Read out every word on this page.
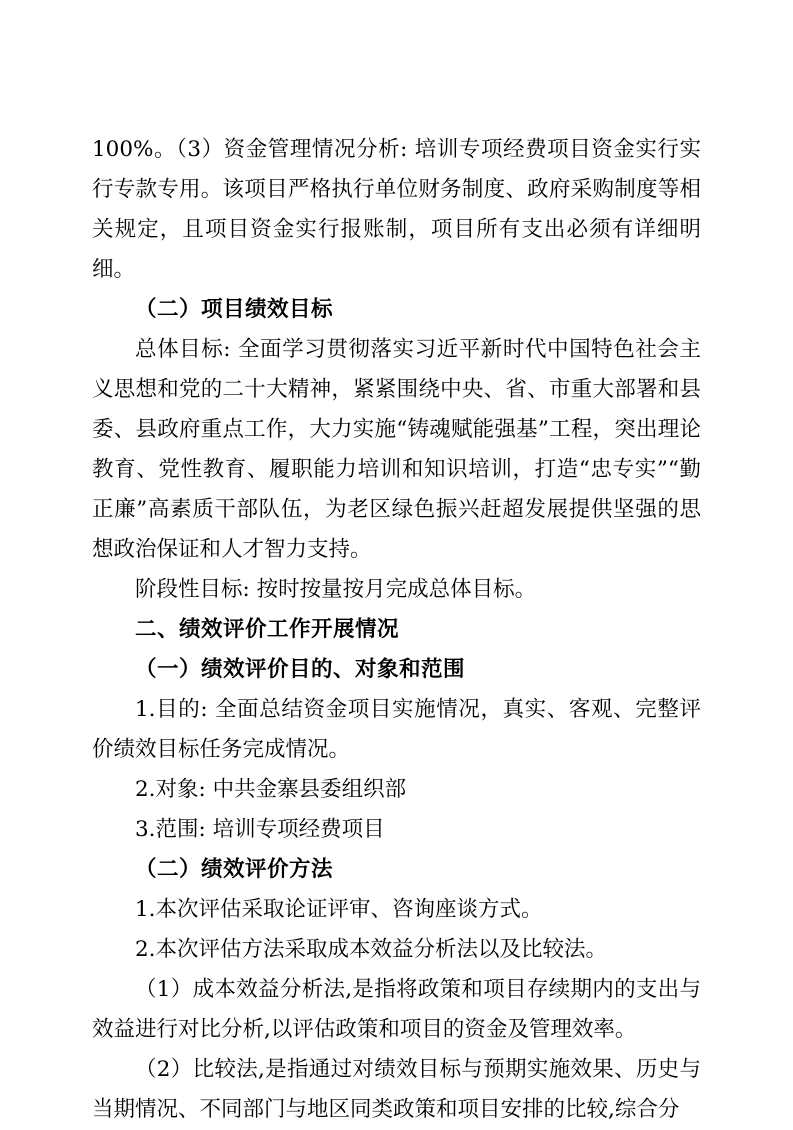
100%。（3）资金管理情况分析: 培训专项经费项目资金实行实行专款专用。该项目严格执行单位财务制度、政府采购制度等相关规定，且项目资金实行报账制，项目所有支出必须有详细明细。

（二）项目绩效目标

总体目标: 全面学习贯彻落实习近平新时代中国特色社会主义思想和党的二十大精神，紧紧围绕中央、省、市重大部署和县委、县政府重点工作，大力实施“铸魂赋能强基”工程，突出理论教育、党性教育、履职能力培训和知识培训，打造“忠专实”“勤正廉”高素质干部队伍，为老区绿色振兴赶超发展提供坚强的思想政治保证和人才智力支持。

阶段性目标: 按时按量按月完成总体目标。

二、绩效评价工作开展情况

（一）绩效评价目的、对象和范围

1.目的: 全面总结资金项目实施情况，真实、客观、完整评价绩效目标任务完成情况。

2.对象: 中共金寨县委组织部

3.范围: 培训专项经费项目

（二）绩效评价方法

1.本次评估采取论证评审、咨询座谈方式。

2.本次评估方法采取成本效益分析法以及比较法。

（1）成本效益分析法,是指将政策和项目存续期内的支出与效益进行对比分析,以评估政策和项目的资金及管理效率。

（2）比较法,是指通过对绩效目标与预期实施效果、历史与当期情况、不同部门与地区同类政策和项目安排的比较,综合分
